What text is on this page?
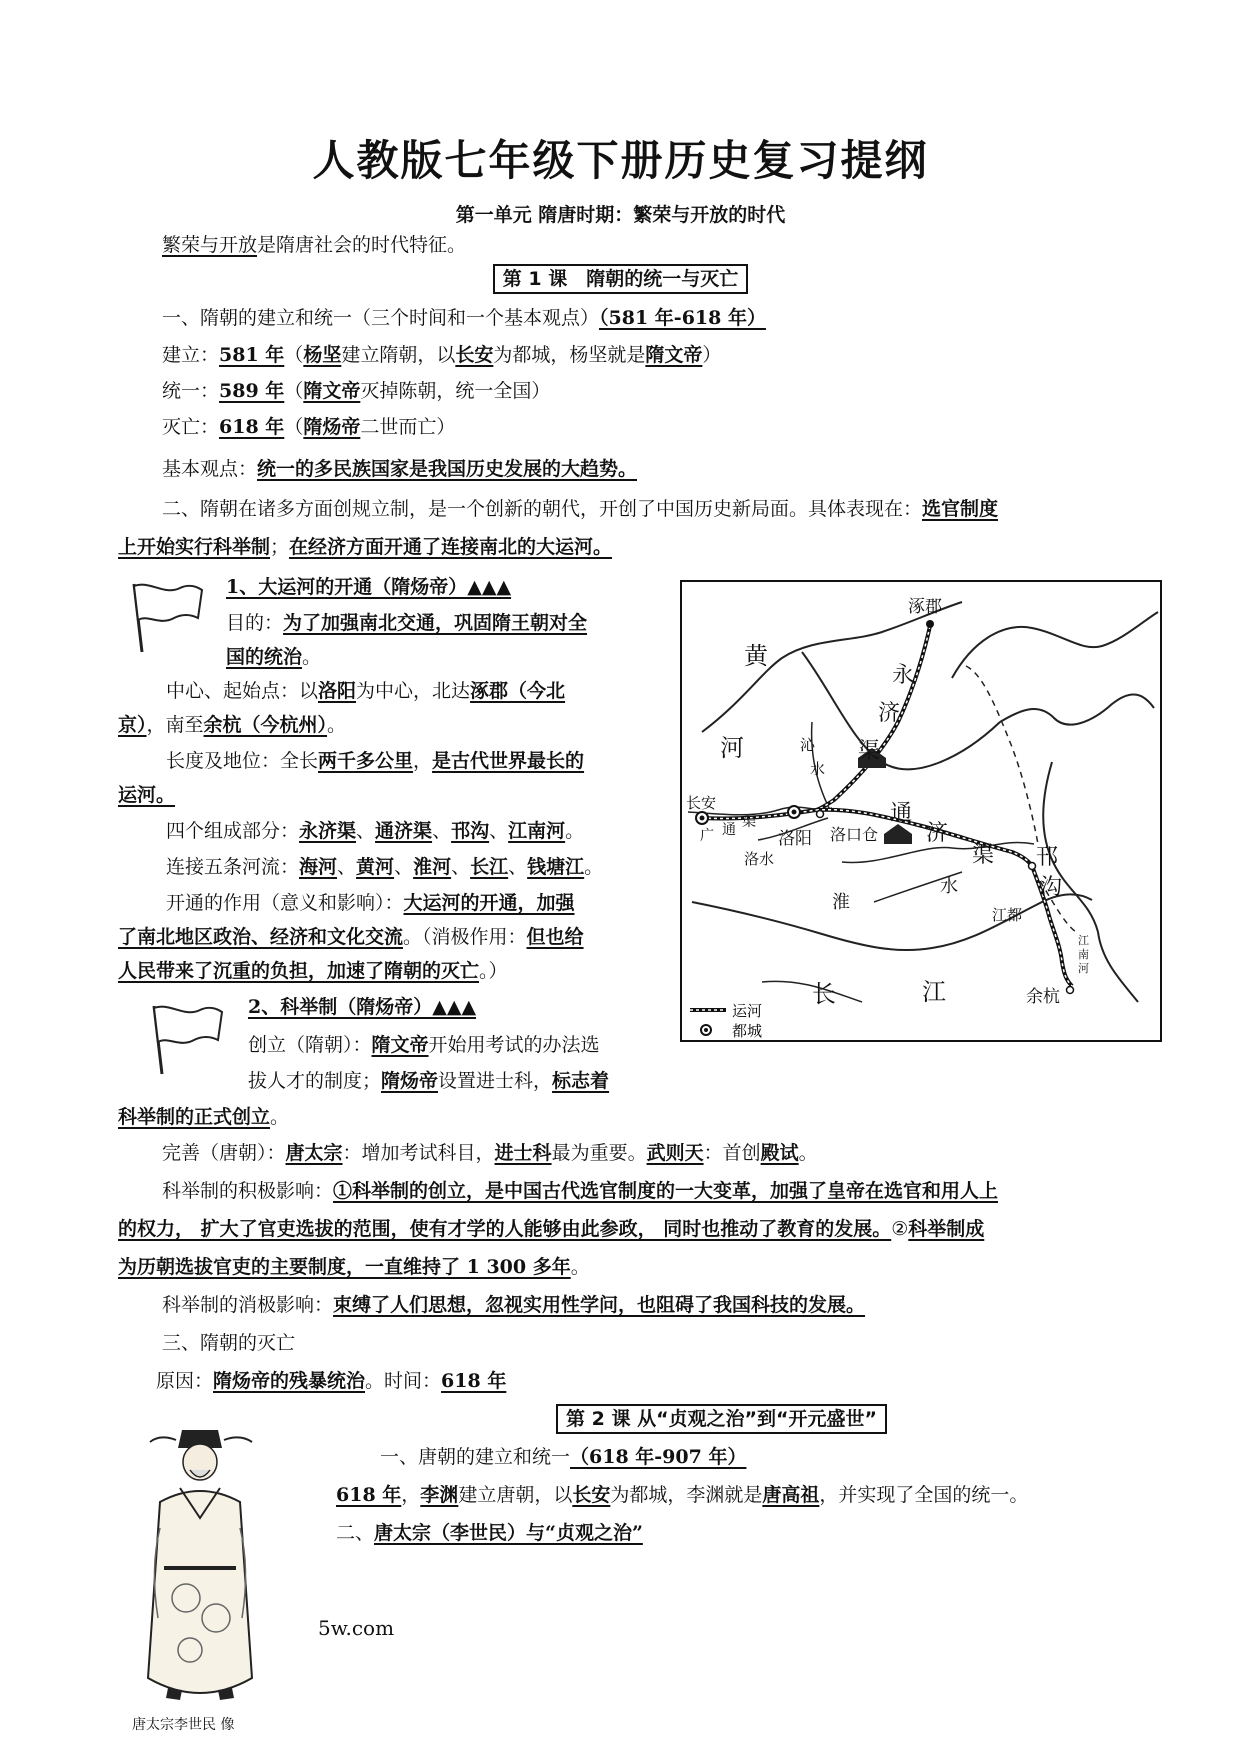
人教版七年级下册历史复习提纲
第一单元 隋唐时期：繁荣与开放的时代
繁荣与开放是隋唐社会的时代特征。
第 1 课　隋朝的统一与灭亡
一、隋朝的建立和统一（三个时间和一个基本观点）（581 年-618 年）
建立：581 年（杨坚建立隋朝，以长安为都城，杨坚就是隋文帝）
统一：589 年（隋文帝灭掉陈朝，统一全国）
灭亡：618 年（隋炀帝二世而亡）
基本观点：统一的多民族国家是我国历史发展的大趋势。
二、隋朝在诸多方面创规立制，是一个创新的朝代，开创了中国历史新局面。具体表现在：选官制度
上开始实行科举制；在经济方面开通了连接南北的大运河。
1、大运河的开通（隋炀帝）▲▲▲
目的：为了加强南北交通，巩固隋王朝对全
国的统治。
中心、起始点：以洛阳为中心，北达涿郡（今北
京），南至余杭（今杭州）。
长度及地位：全长两千多公里，是古代世界最长的
运河。
四个组成部分：永济渠、通济渠、邗沟、江南河。
连接五条河流：海河、黄河、淮河、长江、钱塘江。
开通的作用（意义和影响）：大运河的开通，加强
了南北地区政治、经济和文化交流。（消极作用：但也给
人民带来了沉重的负担，加速了隋朝的灭亡。）
2、科举制（隋炀帝）▲▲▲
创立（隋朝）：隋文帝开始用考试的办法选
拔人才的制度；隋炀帝设置进士科，标志着
科举制的正式创立。
完善（唐朝）：唐太宗：增加考试科目，进士科最为重要。武则天：首创殿试。
科举制的积极影响：①科举制的创立，是中国古代选官制度的一大变革，加强了皇帝在选官和用人上
的权力， 扩大了官吏选拔的范围，使有才学的人能够由此参政， 同时也推动了教育的发展。②科举制成
为历朝选拔官吏的主要制度，一直维持了 1 300 多年。
科举制的消极影响：束缚了人们思想，忽视实用性学问，也阻碍了我国科技的发展。
三、隋朝的灭亡
原因：隋炀帝的残暴统治。时间：618 年
第 2 课 从“贞观之治”到“开元盛世”
一、唐朝的建立和统一（618 年-907 年）
618 年，李渊建立唐朝，以长安为都城，李渊就是唐高祖，并实现了全国的统一。
二、唐太宗（李世民）与“贞观之治”
5w.com
唐太宗李世民 像
涿郡
黄
河
永
济
渠
沁
水
长安
广 通 渠
洛阳
洛水
洛口仓
通
济
渠
淮
水
邗
沟
江都
江
南
河
长	江	余杭
运河
都城
